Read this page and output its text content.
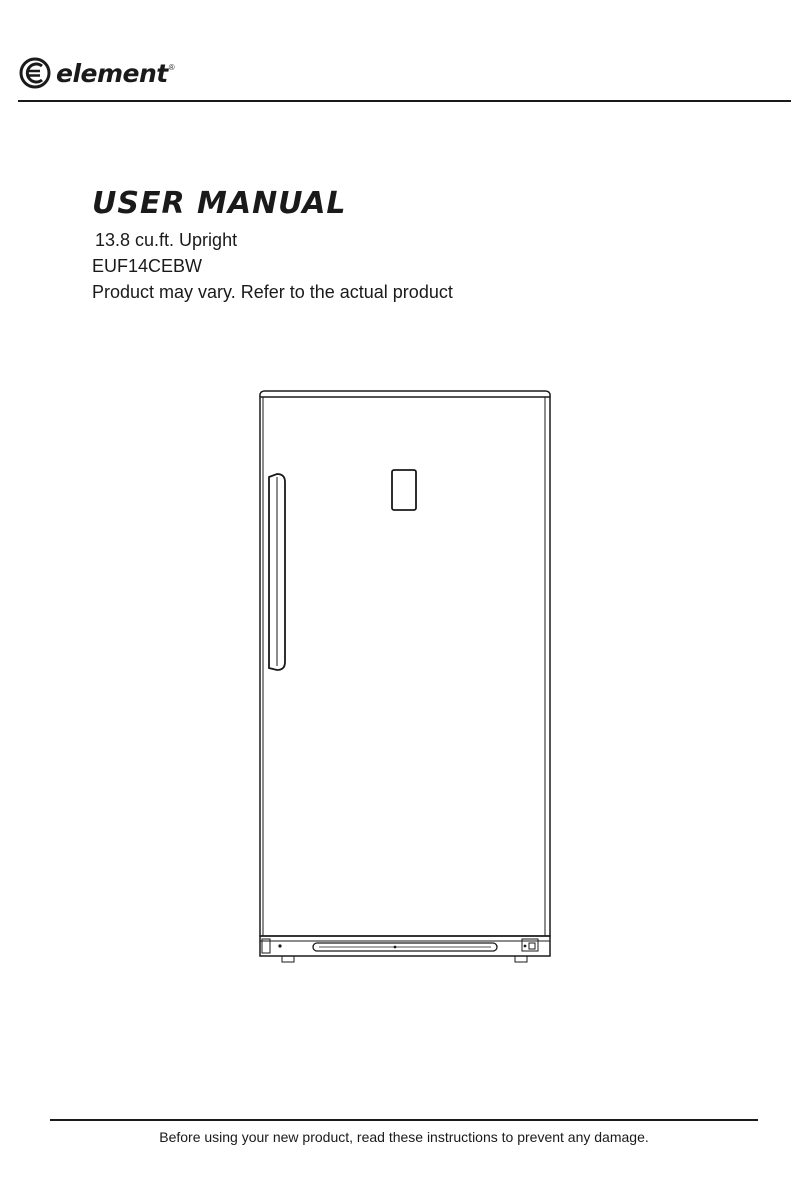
element ®
USER MANUAL
13.8 cu.ft. Upright
EUF14CEBW
Product may vary. Refer to the actual product
Before using your new product, read these instructions to prevent any damage.
